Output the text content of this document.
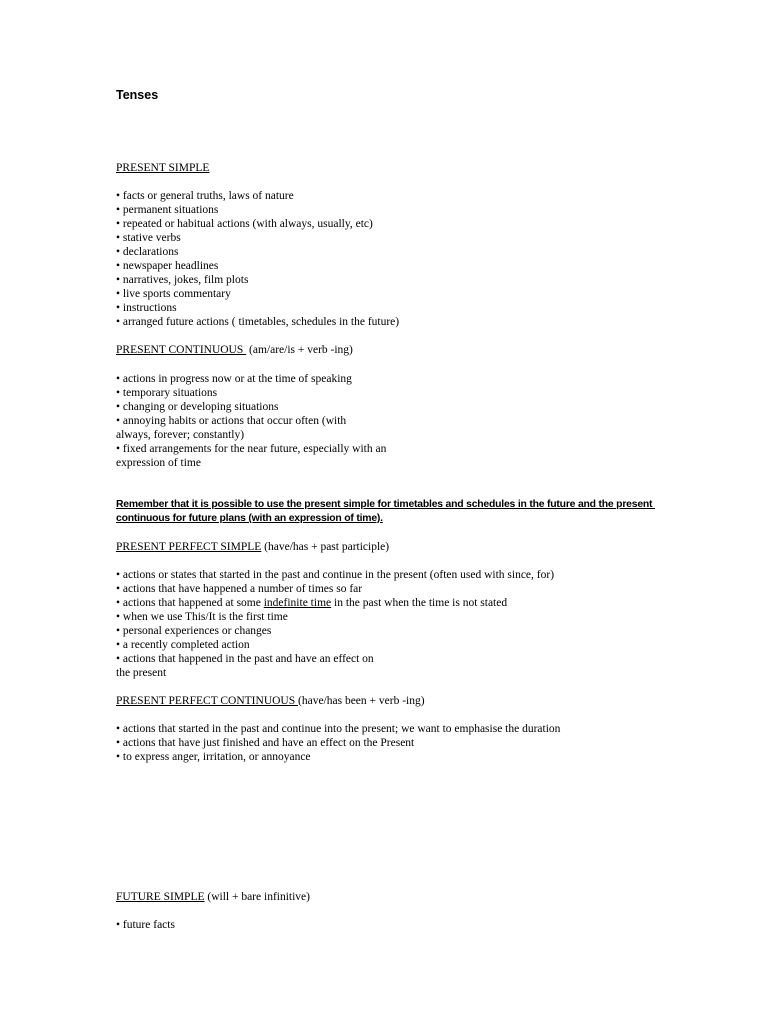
Tenses
PRESENT SIMPLE
• facts or general truths, laws of nature
• permanent situations
• repeated or habitual actions (with always, usually, etc)
• stative verbs
• declarations
• newspaper headlines
• narratives, jokes, film plots
• live sports commentary
• instructions
• arranged future actions ( timetables, schedules in the future)
PRESENT CONTINUOUS  (am/are/is + verb -ing)
• actions in progress now or at the time of speaking
• temporary situations
• changing or developing situations
• annoying habits or actions that occur often (with
always, forever; constantly)
• fixed arrangements for the near future, especially with an
expression of time
Remember that it is possible to use the present simple for timetables and schedules in the future and the present
continuous for future plans (with an expression of time).
PRESENT PERFECT SIMPLE (have/has + past participle)
• actions or states that started in the past and continue in the present (often used with since, for)
• actions that have happened a number of times so far
• actions that happened at some indefinite time in the past when the time is not stated
• when we use This/It is the first time
• personal experiences or changes
• a recently completed action
• actions that happened in the past and have an effect on
the present
PRESENT PERFECT CONTINUOUS (have/has been + verb -ing)
• actions that started in the past and continue into the present; we want to emphasise the duration
• actions that have just finished and have an effect on the Present
• to express anger, irritation, or annoyance
FUTURE SIMPLE (will + bare infinitive)
• future facts
